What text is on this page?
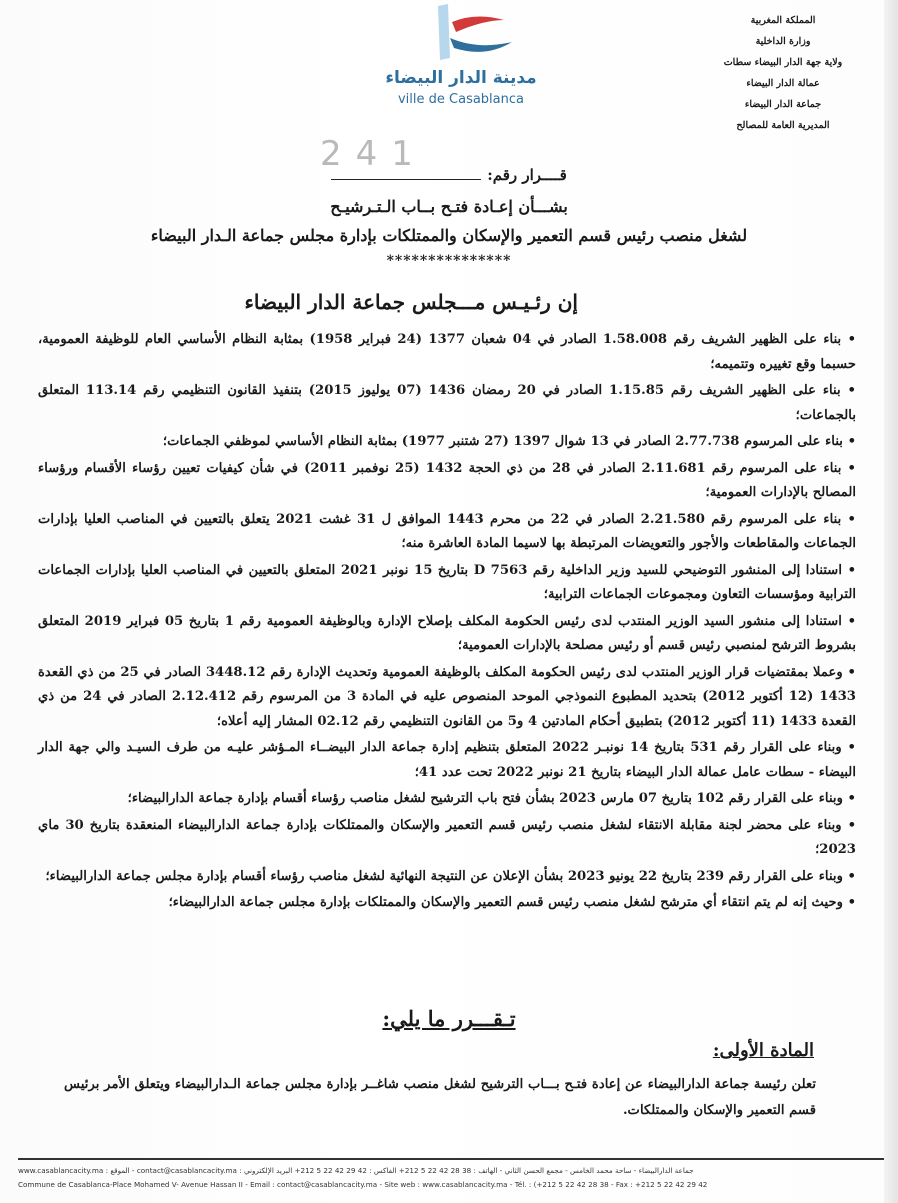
المملكة المغربية
وزارة الداخلية
ولاية جهة الدار البيضاء سطات
عمالة الدار البيضاء
جماعة الدار البيضاء
المديرية العامة للمصالح
مدينة الدار البيضاء
ville de Casablanca
241
قــــرار رقم:
بشـــأن إعـادة فتـح بــاب الـتـرشيـح
لشغل منصب رئيس قسم التعمير والإسكان والممتلكات بإدارة مجلس جماعة الـدار البيضاء
***************
إن رئـيـس مـــجلس جماعة الدار البيضاء

• بناء على الظهير الشريف رقم 1.58.008 الصادر في 04 شعبان 1377 (24 فبراير 1958) بمثابة النظام الأساسي العام للوظيفة العمومية، حسبما وقع تغييره وتتميمه؛

• بناء على الظهير الشريف رقم 1.15.85 الصادر في 20 رمضان 1436 (07 يوليوز 2015) بتنفيذ القانون التنظيمي رقم 113.14 المتعلق بالجماعات؛

• بناء على المرسوم 2.77.738 الصادر في 13 شوال 1397 (27 شتنبر 1977) بمثابة النظام الأساسي لموظفي الجماعات؛

• بناء على المرسوم رقم 2.11.681 الصادر في 28 من ذي الحجة 1432 (25 نوفمبر 2011) في شأن كيفيات تعيين رؤساء الأقسام ورؤساء المصالح بالإدارات العمومية؛

• بناء على المرسوم رقم 2.21.580 الصادر في 22 من محرم 1443 الموافق ل 31 غشت 2021 يتعلق بالتعيين في المناصب العليا بإدارات الجماعات والمقاطعات والأجور والتعويضات المرتبطة بها لاسيما المادة العاشرة منه؛

• استنادا إلى المنشور التوضيحي للسيد وزير الداخلية رقم D 7563 بتاريخ 15 نونبر 2021 المتعلق بالتعيين في المناصب العليا بإدارات الجماعات الترابية ومؤسسات التعاون ومجموعات الجماعات الترابية؛

• استنادا إلى منشور السيد الوزير المنتدب لدى رئيس الحكومة المكلف بإصلاح الإدارة وبالوظيفة العمومية رقم 1 بتاريخ 05 فبراير 2019 المتعلق بشروط الترشح لمنصبي رئيس قسم أو رئيس مصلحة بالإدارات العمومية؛

• وعملا بمقتضيات قرار الوزير المنتدب لدى رئيس الحكومة المكلف بالوظيفة العمومية وتحديث الإدارة رقم 3448.12 الصادر في 25 من ذي القعدة 1433 (12 أكتوبر 2012) بتحديد المطبوع النموذجي الموحد المنصوص عليه في المادة 3 من المرسوم رقم 2.12.412 الصادر في 24 من ذي القعدة 1433 (11 أكتوبر 2012) بتطبيق أحكام المادتين 4 و5 من القانون التنظيمي رقم 02.12 المشار إليه أعلاه؛

• وبناء على القرار رقم 531 بتاريخ 14 نونبـر 2022 المتعلق بتنظيم إدارة جماعة الدار البيضــاء المـؤشر عليـه من طرف السيـد والي جهة الدار البيضاء - سطات عامل عمالة الدار البيضاء بتاريخ 21 نونبر 2022 تحت عدد 41؛

• وبناء على القرار رقم 102 بتاريخ 07 مارس 2023 بشأن فتح باب الترشيح لشغل مناصب رؤساء أقسام بإدارة جماعة الدارالبيضاء؛

• وبناء على محضر لجنة مقابلة الانتقاء لشغل منصب رئيس قسم التعمير والإسكان والممتلكات بإدارة جماعة الدارالبيضاء المنعقدة بتاريخ 30 ماي 2023؛

• وبناء على القرار رقم 239 بتاريخ 22 يونيو 2023 بشأن الإعلان عن النتيجة النهائية لشغل مناصب رؤساء أقسام بإدارة مجلس جماعة الدارالبيضاء؛

• وحيث إنه لم يتم انتقاء أي مترشح لشغل منصب رئيس قسم التعمير والإسكان والممتلكات بإدارة مجلس جماعة الدارالبيضاء؛

تـقـــرر ما يلي:
المادة الأولى:
تعلن رئيسة جماعة الدارالبيضاء عن إعادة فتـح بـــاب الترشيح لشغل منصب شاغــر بإدارة مجلس جماعة الـدارالبيضاء ويتعلق الأمر برئيس قسم التعمير والإسكان والممتلكات.
جماعة الدارالبيضاء - ساحة محمد الخامس - مجمع الحسن الثاني - الهاتف : 38 28 42 22 5 212+ الفاكس : 42 29 42 22 5 212+ البريد الإلكتروني : contact@casablancacity.ma - الموقع : www.casablancacity.ma
Commune de Casablanca-Place Mohamed V- Avenue Hassan II - Email : contact@casablancacity.ma - Site web : www.casablancacity.ma - Tél. : (+212 5 22 42 28 38 - Fax : +212 5 22 42 29 42
